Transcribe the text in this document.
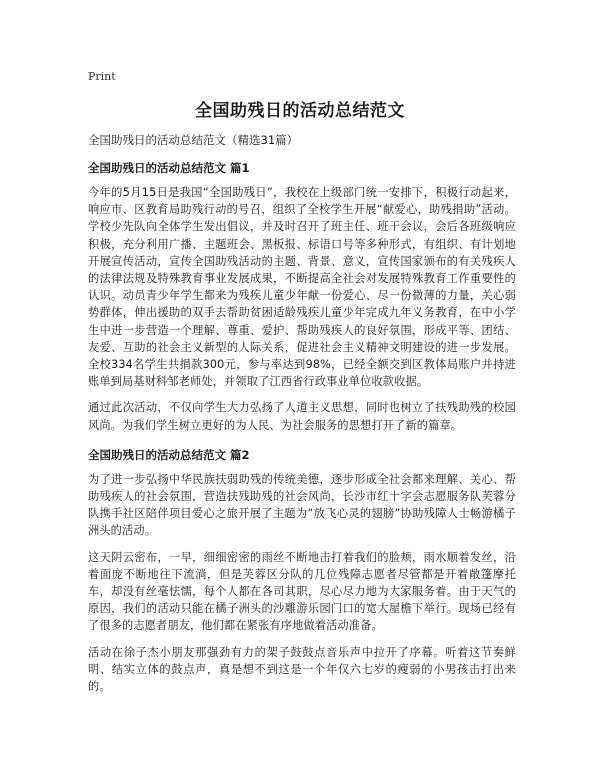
Print
全国助残日的活动总结范文

全国助残日的活动总结范文（精选31篇）

全国助残日的活动总结范文 篇1

今年的5月15日是我国“全国助残日”，我校在上级部门统一安排下，积极行动起来，响应市、区教育局助残行动的号召，组织了全校学生开展“献爱心，助残捐助”活动。学校少先队向全体学生发出倡议，并及时召开了班主任、班干会议，会后各班级响应积极，充分利用广播、主题班会、黑板报、标语口号等多种形式，有组织、有计划地开展宣传活动，宣传全国助残活动的主题、背景、意义，宣传国家颁布的有关残疾人的法律法规及特殊教育事业发展成果，不断提高全社会对发展特殊教育工作重要性的认识。动员青少年学生都来为残疾儿童少年献一份爱心、尽一份微薄的力量，关心弱势群体，伸出援助的双手去帮助贫困适龄残疾儿童少年完成九年义务教育，在中小学生中进一步营造一个理解、尊重、爱护、帮助残疾人的良好氛围，形成平等、团结、友爱、互助的社会主义新型的人际关系，促进社会主义精神文明建设的进一步发展。全校334名学生共捐款300元，参与率达到98%，已经全额交到区教体局账户并持进账单到局基财科邹老师处，并领取了江西省行政事业单位收款收据。

通过此次活动，不仅向学生大力弘扬了人道主义思想，同时也树立了扶残助残的校园风尚。为我们学生树立更好的为人民、为社会服务的思想打开了新的篇章。

全国助残日的活动总结范文 篇2

为了进一步弘扬中华民族扶弱助残的传统美德，逐步形成全社会都来理解、关心、帮助残疾人的社会氛围，营造扶残助残的社会风尚，长沙市红十字会志愿服务队芙蓉分队携手社区陪伴项目爱心之旅开展了主题为“放飞心灵的翅膀”协助残障人士畅游橘子洲头的活动。

这天阴云密布，一早，细细密密的雨丝不断地击打着我们的脸颊，雨水顺着发丝，沿着面庞不断地往下流淌，但是芙蓉区分队的几位残障志愿者尽管都是开着敞篷摩托车，却没有丝毫怯懦，每个人都在各司其职，尽心尽力地为大家服务着。由于天气的原因，我们的活动只能在橘子洲头的沙雕游乐园门口的宽大屋檐下举行。现场已经有了很多的志愿者朋友，他们都在紧张有序地做着活动准备。

活动在徐子杰小朋友那强劲有力的架子鼓鼓点音乐声中拉开了序幕。听着这节奏鲜明、结实立体的鼓点声，真是想不到这是一个年仅六七岁的瘦弱的小男孩击打出来的。
